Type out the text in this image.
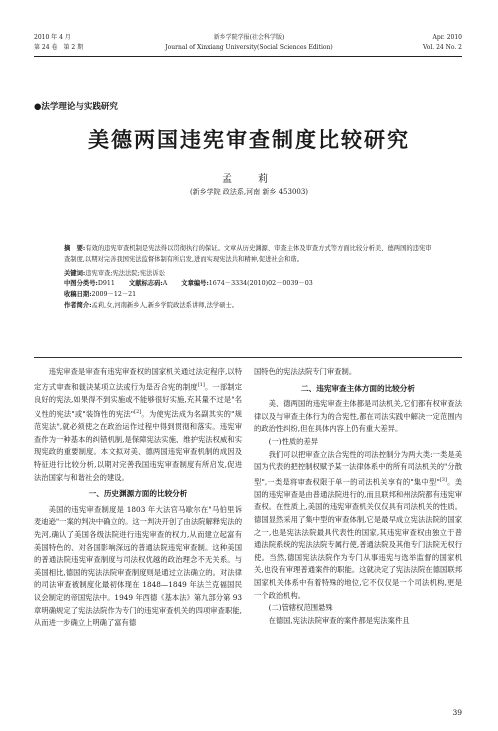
2010 年 4 月
第 24 卷　第 2 期
新乡学院学报(社会科学版)
Journal of Xinxiang University(Social Sciences Edition)
Apr. 2010
Vol. 24 No. 2
●法学理论与实践研究
美德两国违宪审查制度比较研究
孟　莉
(新乡学院 政法系,河南 新乡 453003)

摘　要:有效的违宪审查机制是宪法得以贯彻执行的保证。文章从历史渊源、审查主体及审查方式等方面比较分析美、德两国的违宪审查制度,以期对完善我国宪法监督体制有所启发,进而实现宪法共和精神,促进社会和谐。

关键词:违宪审查;宪法法院;宪法诉讼

中图分类号:D911 文献标志码:A 文章编号:1674－3334(2010)02－0039－03

收稿日期:2009－12－21

作者简介:孟莉,女,河南新乡人,新乡学院政法系讲师,法学硕士。

违宪审查是审查有违宪审查权的国家机关通过法定程序,以特定方式审查和裁决某项立法或行为是否合宪的制度[1]。一部制定良好的宪法,如果得不到实施或不能够很好实施,充其量不过是"名义性的宪法"或"装饰性的宪法"[2]。为使宪法成为名副其实的"规范宪法",就必须使之在政治运作过程中得到贯彻和落实。违宪审查作为一种基本的纠错机制,是保障宪法实施、维护宪法权威和实现宪政的重要制度。本文拟对美、德两国违宪审查机制的成因及特征进行比较分析,以期对完善我国违宪审查制度有所启发,促进法治国家与和谐社会的建设。

一、历史渊源方面的比较分析

美国的违宪审查制度是 1803 年大法官马歇尔在"马伯里诉麦迪逊"一案的判决中确立的。这一判决开创了由法院解释宪法的先河,确认了美国各级法院进行违宪审查的权力,从而建立起富有美国特色的、对各国影响深远的普通法院违宪审查制。这种美国的普通法院违宪审查制度与司法权优越的政治理念不无关系。与美国相比,德国的宪法法院审查制度则是通过立法确立的。对法律的司法审查被制度化最初体现在 1848—1849 年法兰克福国民议会制定的帝国宪法中。1949 年西德《基本法》第九部分第 93 章明确规定了宪法法院作为专门的违宪审查机关的四项审查职能,从而进一步确立上明确了富有德

国特色的宪法法院专门审查制。

二、违宪审查主体方面的比较分析

美、德两国的违宪审查主体都是司法机关,它们都有权审查法律以及与审查主体行为的合宪性,都在司法实践中解决一定范围内的政治性纠纷,但在具体内容上仍有重大差异。

(一)性质的差异

我们可以把审查立法合宪性的司法控制分为两大类:一类是美国为代表的把控制权赋予某一法律体系中的所有司法机关的"分散型",一类是将审查权限于单一的司法机关享有的"集中型"[3]。美国的违宪审查是由普通法院进行的,而且联邦和州法院都有违宪审查权。在性质上,美国的违宪审查机关仅仅具有司法机关的性质。德国显然采用了集中型的审查体制,它是最早成立宪法法院的国家之一,也是宪法法院最具代表性的国家,其违宪审查权由独立于普通法院系统的宪法法院专属行使,普通法院及其他专门法院无权行使。当然,德国宪法法院作为专门从事违宪与选举监督的国家机关,也没有审理普通案件的职能。这就决定了宪法法院在德国联邦国家机关体系中有着特殊的地位,它不仅仅是一个司法机构,更是一个政治机构。

(二)管辖权范围悬殊

在德国,宪法法院审查的案件都是宪法案件且

39
